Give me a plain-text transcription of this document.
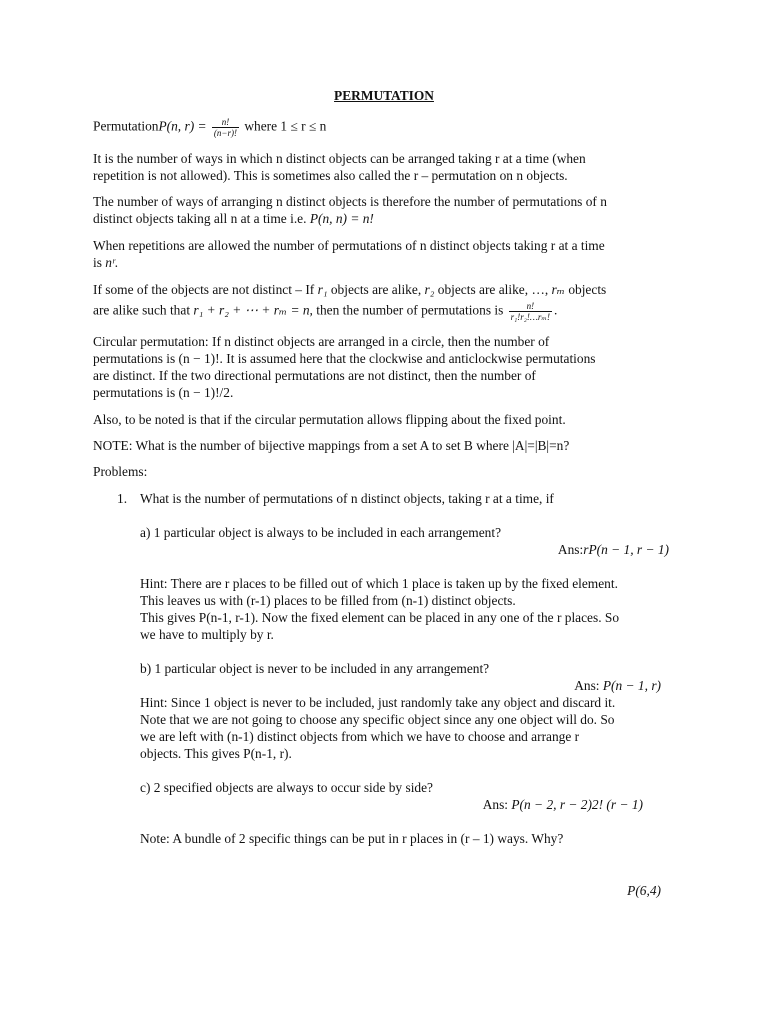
PERMUTATION
PermutationP(n, $r) = \frac{n!}{(n-r)!}$ where 1 ≤ r ≤ n
It is the number of ways in which n distinct objects can be arranged taking r at a time (when
repetition is not allowed). This is sometimes also called the r – permutation on n objects.
The number of ways of arranging n distinct objects is therefore the number of permutations of n
distinct objects taking all n at a time i.e. P(n, n) = n!
When repetitions are allowed the number of permutations of n distinct objects taking r at a time
is nʳ.
If some of the objects are not distinct – If r₁ objects are alike, r₂ objects are alike, …, rₘ objects
are alike such that r₁ + r₂ + ⋯ + rₘ = n, then the number of permutations is $\frac{n!}{\text{r₁!r₂!…rₘ!}}$ .
Circular permutation: If n distinct objects are arranged in a circle, then the number of
permutations is (n − 1)!. It is assumed here that the clockwise and anticlockwise permutations
are distinct. If the two directional permutations are not distinct, then the number of
permutations is (n − 1)!/2.
Also, to be noted is that if the circular permutation allows flipping about the fixed point.
NOTE: What is the number of bijective mappings from a set A to set B where |A|=|B|=n?
Problems:
1. What is the number of permutations of n distinct objects, taking r at a time, if
a) 1 particular object is always to be included in each arrangement?
Ans:rP(n − 1, r − 1)
Hint: There are r places to be filled out of which 1 place is taken up by the fixed element.
This leaves us with (r-1) places to be filled from (n-1) distinct objects.
This gives P(n-1, r-1). Now the fixed element can be placed in any one of the r places. So
we have to multiply by r.
b) 1 particular object is never to be included in any arrangement?
Ans: P(n − 1, r)
Hint: Since 1 object is never to be included, just randomly take any object and discard it.
Note that we are not going to choose any specific object since any one object will do. So
we are left with (n-1) distinct objects from which we have to choose and arrange r
objects. This gives P(n-1, r).
c) 2 specified objects are always to occur side by side?
Ans: P(n − 2, r − 2)2! (r − 1)
Note: A bundle of 2 specific things can be put in r places in (r – 1) ways. Why?
P(6,4)
